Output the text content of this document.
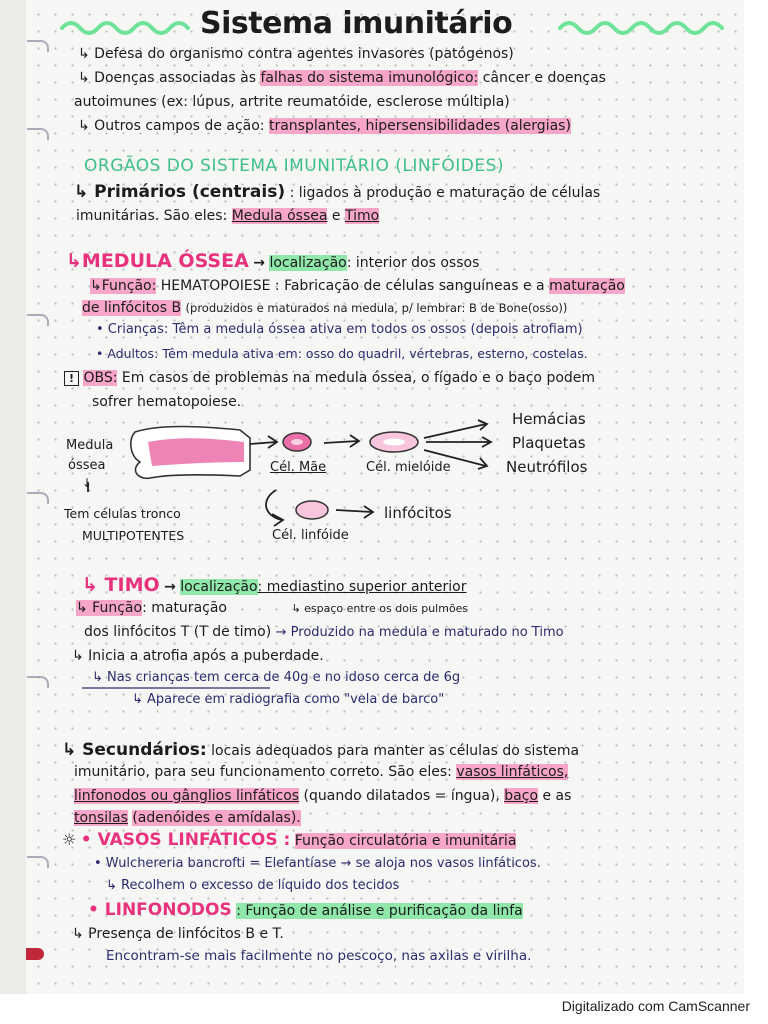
Sistema imunitário
↳ Defesa do organismo contra agentes invasores (patógenos)
↳ Doenças associadas às falhas do sistema imunológico: câncer e doenças
autoimunes (ex: lúpus, artrite reumatóide, esclerose múltipla)
↳ Outros campos de ação: transplantes, hipersensibilidades (alergias)
ORGÃOS DO SISTEMA IMUNITÁRIO (LINFÓIDES)
↳ Primários (centrais) : ligados à produção e maturação de células
imunitárias. São eles: Medula óssea e Timo
↳MEDULA ÓSSEA → localização: interior dos ossos
↳Função: HEMATOPOIESE : Fabricação de células sanguíneas e a maturação
de linfócitos B (produzidos e maturados na medula, p/ lembrar: B de Bone(osso))
• Crianças: Têm a medula óssea ativa em todos os ossos (depois atrofiam)
• Adultos: Têm medula ativa em: osso do quadril, vértebras, esterno, costelas.
! OBS: Em casos de problemas na medula óssea, o fígado e o baço podem
sofrer hematopoiese.
Medula
óssea
↓
Cél. Mãe	Cél. mielóide
Hemácias
Plaquetas
Neutrófilos
linfócitos
Cél. linfóide
Tem células tronco
MULTIPOTENTES
↳ TIMO → localização: mediastino superior anterior
↳ Função: maturação	↳ espaço entre os dois pulmões
dos linfócitos T (T de timo) → Produzido na medula e maturado no Timo
↳ Inicia a atrofia após a puberdade.
↳ Nas crianças tem cerca de 40g e no idoso cerca de 6g
↳ Aparece em radiografia como "vela de barco"
↳ Secundários: locais adequados para manter as células do sistema
imunitário, para seu funcionamento correto. São eles: vasos linfáticos,
linfonodos ou gânglios linfáticos (quando dilatados = íngua), baço e as
tonsilas (adenóides e amídalas).
☼ • VASOS LINFÁTICOS : Função circulatória e imunitária
• Wulchereria bancrofti = Elefantíase → se aloja nos vasos linfáticos.
↳ Recolhem o excesso de líquido dos tecidos
• LINFONODOS : Função de análise e purificação da linfa
↳ Presença de linfócitos B e T.
Encontram-se mais facilmente no pescoço, nas axilas e virilha.
Digitalizado com CamScanner
